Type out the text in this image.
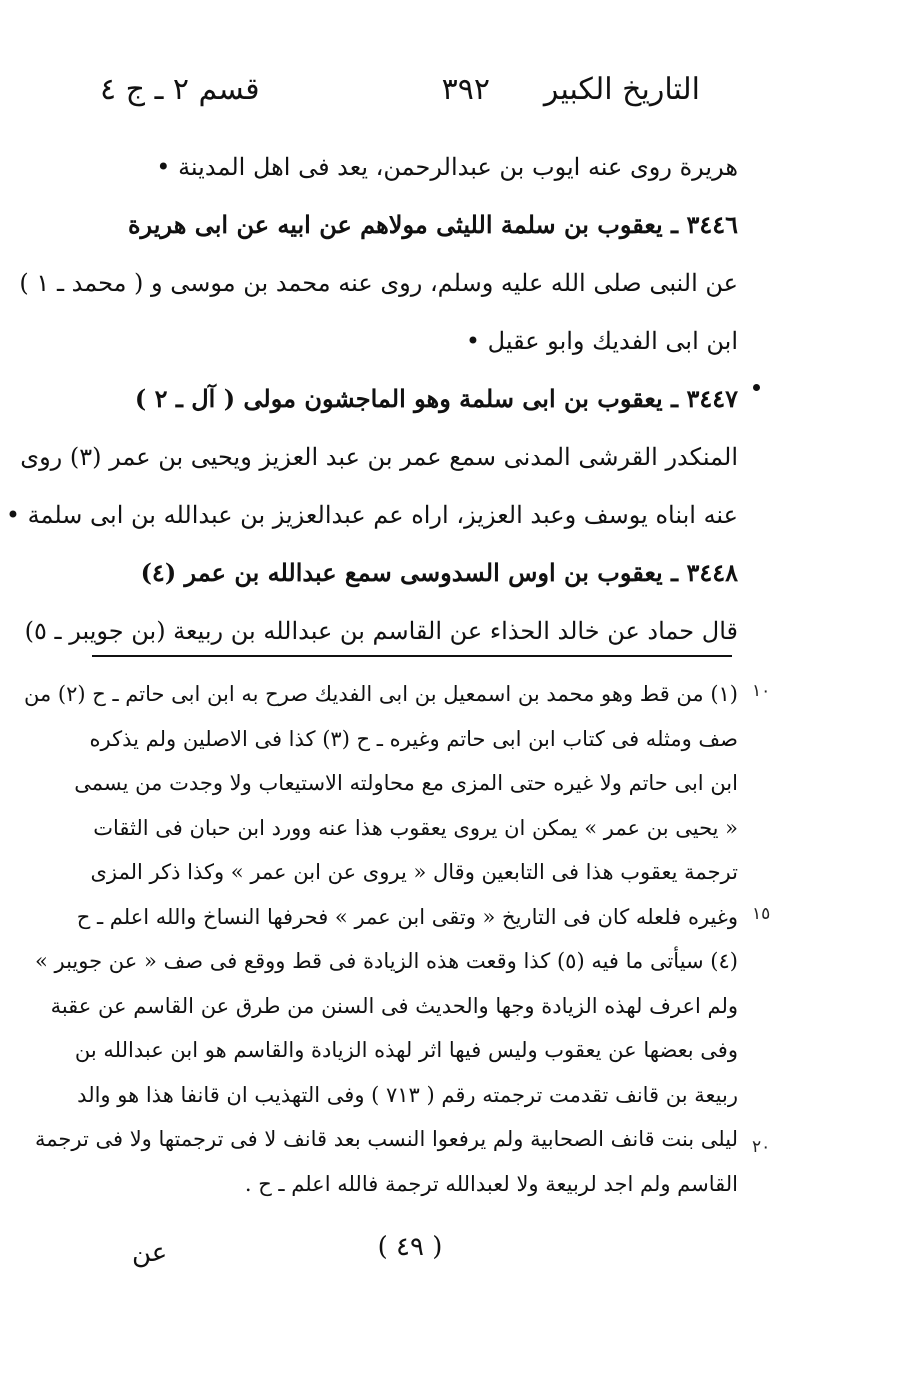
التاريخ الكبير
٣٩٢
قسم ٢ ـ ج ٤
هريرة روى عنه ايوب بن عبدالرحمن، يعد فى اهل المدينة •
٣٤٤٦ ـ يعقوب بن سلمة الليثى مولاهم عن ابيه عن ابى هريرة
عن النبى صلى الله عليه وسلم، روى عنه محمد بن موسى و ( محمد ـ ١ )
ابن ابى الفديك وابو عقيل •
٣٤٤٧ ـ يعقوب بن ابى سلمة وهو الماجشون مولى ( آل ـ ٢ )
المنكدر القرشى المدنى سمع عمر بن عبد العزيز ويحيى بن عمر (٣) روى
عنه ابناه يوسف وعبد العزيز، اراه عم عبدالعزيز بن عبدالله بن ابى سلمة •
٣٤٤٨ ـ يعقوب بن اوس السدوسى سمع عبدالله بن عمر (٤)
قال حماد عن خالد الحذاء عن القاسم بن عبدالله بن ربيعة (بن جويبر ـ ٥)
(١) من قط وهو محمد بن اسمعيل بن ابى الفديك صرح به ابن ابى حاتم ـ ح (٢) من
صف ومثله فى كتاب ابن ابى حاتم وغيره ـ ح (٣) كذا فى الاصلين ولم يذكره
ابن ابى حاتم ولا غيره حتى المزى مع محاولته الاستيعاب ولا وجدت من يسمى
« يحيى بن عمر » يمكن ان يروى يعقوب هذا عنه وورد ابن حبان فى الثقات
ترجمة يعقوب هذا فى التابعين وقال « يروى عن ابن عمر » وكذا ذكر المزى
وغيره فلعله كان فى التاريخ « وتقى ابن عمر » فحرفها النساخ والله اعلم ـ ح
(٤) سيأتى ما فيه (٥) كذا وقعت هذه الزيادة فى قط ووقع فى صف « عن جويبر »
ولم اعرف لهذه الزيادة وجها والحديث فى السنن من طرق عن القاسم عن عقبة
وفى بعضها عن يعقوب وليس فيها اثر لهذه الزيادة والقاسم هو ابن عبدالله بن
ربيعة بن قانف تقدمت ترجمته رقم ( ٧١٣ ) وفى التهذيب ان قانفا هذا هو والد
ليلى بنت قانف الصحابية ولم يرفعوا النسب بعد قانف لا فى ترجمتها ولا فى ترجمة
القاسم ولم اجد لربيعة ولا لعبدالله ترجمة فالله اعلم ـ ح .
١٠
١٥
٢٠
( ٤٩ )
عن
